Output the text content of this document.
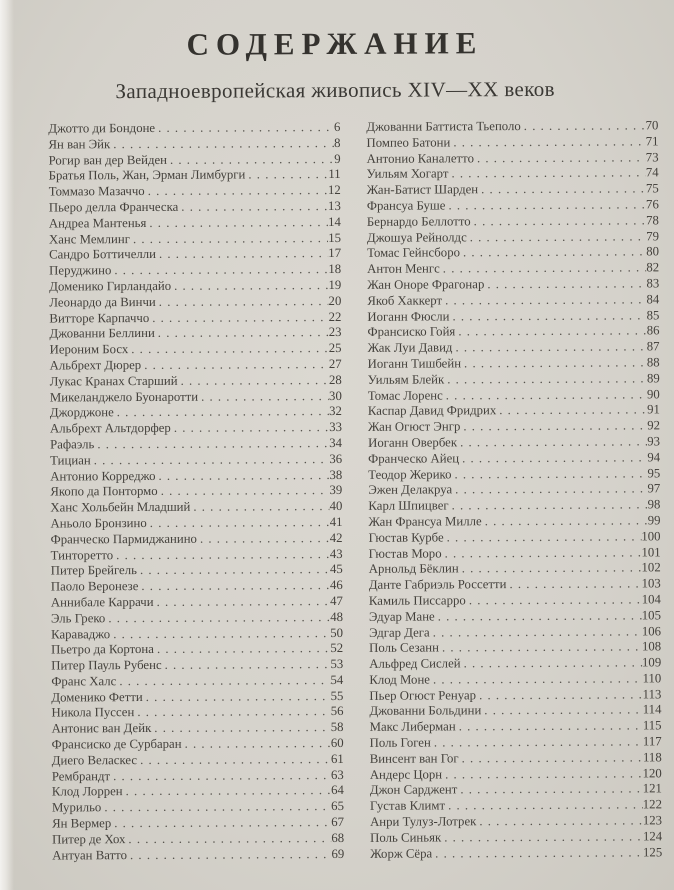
СОДЕРЖАНИЕ
Западноевропейская живопись XIV—XX веков
Джотто ди Бондоне . . .	6
Ян ван Эйк . . .	8
Рогир ван дер Вейден . . .	9
Братья Поль, Жан, Эрман Лимбурги . . .	11
Томмазо Мазаччо . . .	12
Пьеро делла Франческа . . .	13
Андреа Мантенья . . .	14
Ханс Мемлинг . . .	15
Сандро Боттичелли . . .	17
Перуджино . . .	18
Доменико Гирландайо . . .	19
Леонардо да Винчи . . .	20
Витторе Карпаччо . . .	22
Джованни Беллини . . .	23
Иероним Босх . . .	25
Альбрехт Дюрер . . .	27
Лукас Кранах Старший . . .	28
Микеланджело Буонаротти . . .	30
Джорджоне . . .	32
Альбрехт Альтдорфер . . .	33
Рафаэль . . .	34
Тициан . . .	36
Антонио Корреджо . . .	38
Якопо да Понтормо . . .	39
Ханс Хольбейн Младший . . .	40
Аньоло Бронзино . . .	41
Франческо Пармиджанино . . .	42
Тинторетто . . .	43
Питер Брейгель . . .	45
Паоло Веронезе . . .	46
Аннибале Каррачи . . .	47
Эль Греко . . .	48
Караваджо . . .	50
Пьетро да Кортона . . .	52
Питер Пауль Рубенс . . .	53
Франс Халс . . .	54
Доменико Фетти . . .	55
Никола Пуссен . . .	56
Антонис ван Дейк . . .	58
Франсиско де Сурбаран . . .	60
Диего Веласкес . . .	61
Рембрандт . . .	63
Клод Лоррен . . .	64
Мурильо . . .	65
Ян Вермер . . .	67
Питер де Хох . . .	68
Антуан Ватто . . .	69
Джованни Баттиста Тьеполо . . .	70
Помпео Батони . . .	71
Антонио Каналетто . . .	73
Уильям Хогарт . . .	74
Жан-Батист Шарден . . .	75
Франсуа Буше . . .	76
Бернардо Беллотто . . .	78
Джошуа Рейнолдс . . .	79
Томас Гейнсборо . . .	80
Антон Менгс . . .	82
Жан Оноре Фрагонар . . .	83
Якоб Хаккерт . . .	84
Иоганн Фюсли . . .	85
Франсиско Гойя . . .	86
Жак Луи Давид . . .	87
Иоганн Тишбейн . . .	88
Уильям Блейк . . .	89
Томас Лоренс . . .	90
Каспар Давид Фридрих . . .	91
Жан Огюст Энгр . . .	92
Иоганн Овербек . . .	93
Франческо Айец . . .	94
Теодор Жерико . . .	95
Эжен Делакруа . . .	97
Карл Шпицвег . . .	98
Жан Франсуа Милле . . .	99
Гюстав Курбе . . .	100
Гюстав Моро . . .	101
Арнольд Бёклин . . .	102
Данте Габриэль Россетти . . .	103
Камиль Писсарро . . .	104
Эдуар Мане . . .	105
Эдгар Дега . . .	106
Поль Сезанн . . .	108
Альфред Сислей . . .	109
Клод Моне . . .	110
Пьер Огюст Ренуар . . .	113
Джованни Больдини . . .	114
Макс Либерман . . .	115
Поль Гоген . . .	117
Винсент ван Гог . . .	118
Андерс Цорн . . .	120
Джон Сарджент . . .	121
Густав Климт . . .	122
Анри Тулуз-Лотрек . . .	123
Поль Синьяк . . .	124
Жорж Сёра . . .	125
